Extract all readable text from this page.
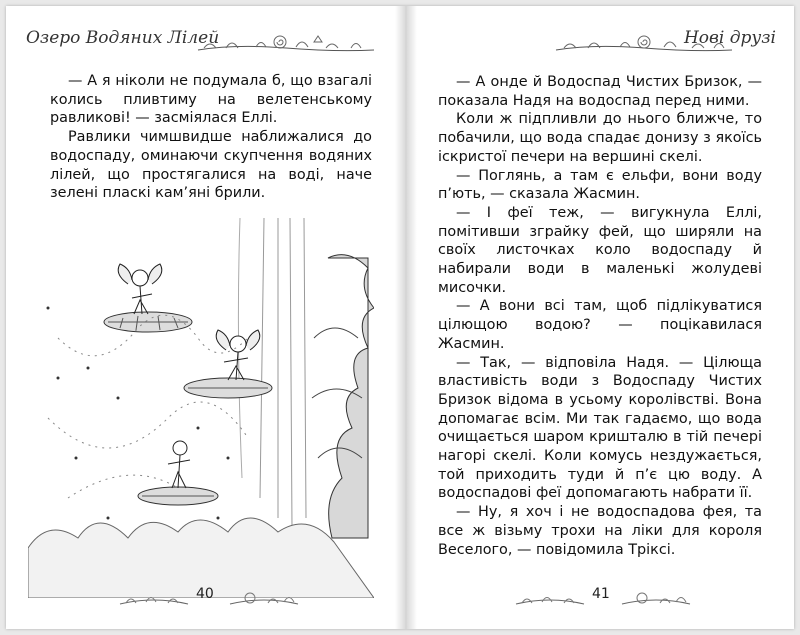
Озеро Водяних Лілей

— А я ніколи не подумала б, що взагалі колись пливтиму на велетенському равликові! — засміялася Еллі.

Равлики чимшвидше наближалися до водоспаду, оминаючи скупчення водяних лілей, що простягалися на воді, наче зелені пласкі кам’яні брили.

40
Нові друзі

— А онде й Водоспад Чистих Бризок, — показала Надя на водоспад перед ними.

Коли ж підпливли до нього ближче, то побачили, що вода спадає донизу з якоїсь іскристої печери на вершині скелі.

— Поглянь, а там є ельфи, вони воду п’ють, — сказала Жасмин.

— І феї теж, — вигукнула Еллі, помітивши зграйку фей, що ширяли на своїх листочках коло водоспаду й набирали води в маленькі жолудеві мисочки.

— А вони всі там, щоб підлікуватися цілющою водою? — поцікавилася Жасмин.

— Так, — відповіла Надя. — Цілюща властивість води з Водоспаду Чистих Бризок відома в усьому королівстві. Вона допомагає всім. Ми так гадаємо, що вода очищається шаром кришталю в тій печері нагорі скелі. Коли комусь нездужається, той приходить туди й п’є цю воду. А водоспадові феї допомагають набрати її.

— Ну, я хоч і не водоспадова фея, та все ж візьму трохи на ліки для короля Веселого, — повідомила Тріксі.

41
